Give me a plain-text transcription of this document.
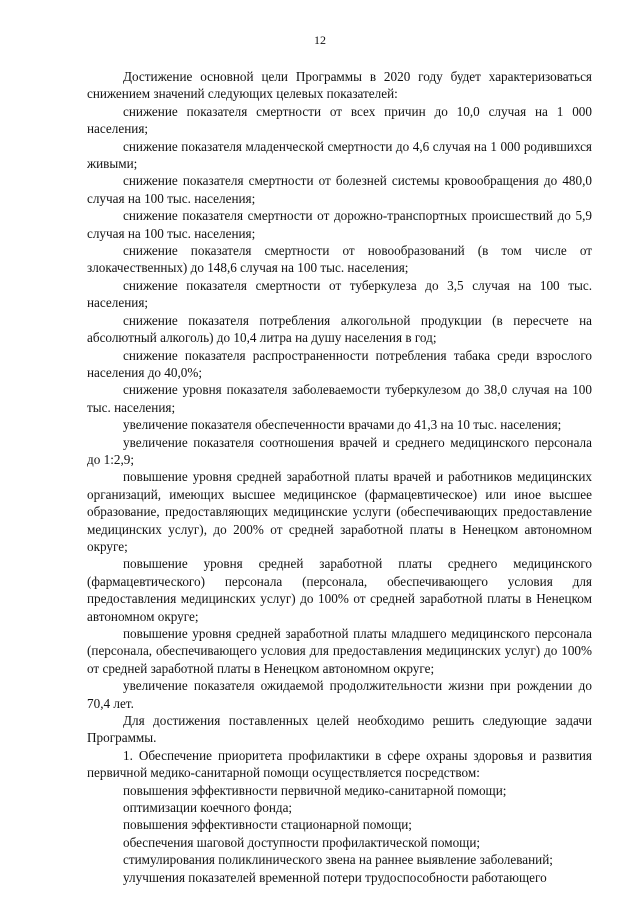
12

Достижение основной цели Программы в 2020 году будет характеризоваться снижением значений следующих целевых показателей:

снижение показателя смертности от всех причин до 10,0 случая на 1 000 населения;

снижение показателя младенческой смертности до 4,6 случая на 1 000 родившихся живыми;

снижение показателя смертности от болезней системы кровообращения до 480,0 случая на 100 тыс. населения;

снижение показателя смертности от дорожно-транспортных происшествий до 5,9 случая на 100 тыс. населения;

снижение показателя смертности от новообразований (в том числе от злокачественных) до 148,6 случая на 100 тыс. населения;

снижение показателя смертности от туберкулеза до 3,5 случая на 100 тыс. населения;

снижение показателя потребления алкогольной продукции (в пересчете на абсолютный алкоголь) до 10,4 литра на душу населения в год;

снижение показателя распространенности потребления табака среди взрослого населения до 40,0%;

снижение уровня показателя заболеваемости туберкулезом до 38,0 случая на 100 тыс. населения;

увеличение показателя обеспеченности врачами до 41,3 на 10 тыс. населения;

увеличение показателя соотношения врачей и среднего медицинского персонала до 1:2,9;

повышение уровня средней заработной платы врачей и работников медицинских организаций, имеющих высшее медицинское (фармацевтическое) или иное высшее образование, предоставляющих медицинские услуги (обеспечивающих предоставление медицинских услуг), до 200% от средней заработной платы в Ненецком автономном округе;

повышение уровня средней заработной платы среднего медицинского (фармацевтического) персонала (персонала, обеспечивающего условия для предоставления медицинских услуг) до 100% от средней заработной платы в Ненецком автономном округе;

повышение уровня средней заработной платы младшего медицинского персонала (персонала, обеспечивающего условия для предоставления медицинских услуг) до 100% от средней заработной платы в Ненецком автономном округе;

увеличение показателя ожидаемой продолжительности жизни при рождении до 70,4 лет.

Для достижения поставленных целей необходимо решить следующие задачи Программы.

1. Обеспечение приоритета профилактики в сфере охраны здоровья и развития первичной медико-санитарной помощи осуществляется посредством:

повышения эффективности первичной медико-санитарной помощи;

оптимизации коечного фонда;

повышения эффективности стационарной помощи;

обеспечения шаговой доступности профилактической помощи;

стимулирования поликлинического звена на раннее выявление заболеваний;

улучшения показателей временной потери трудоспособности работающего
